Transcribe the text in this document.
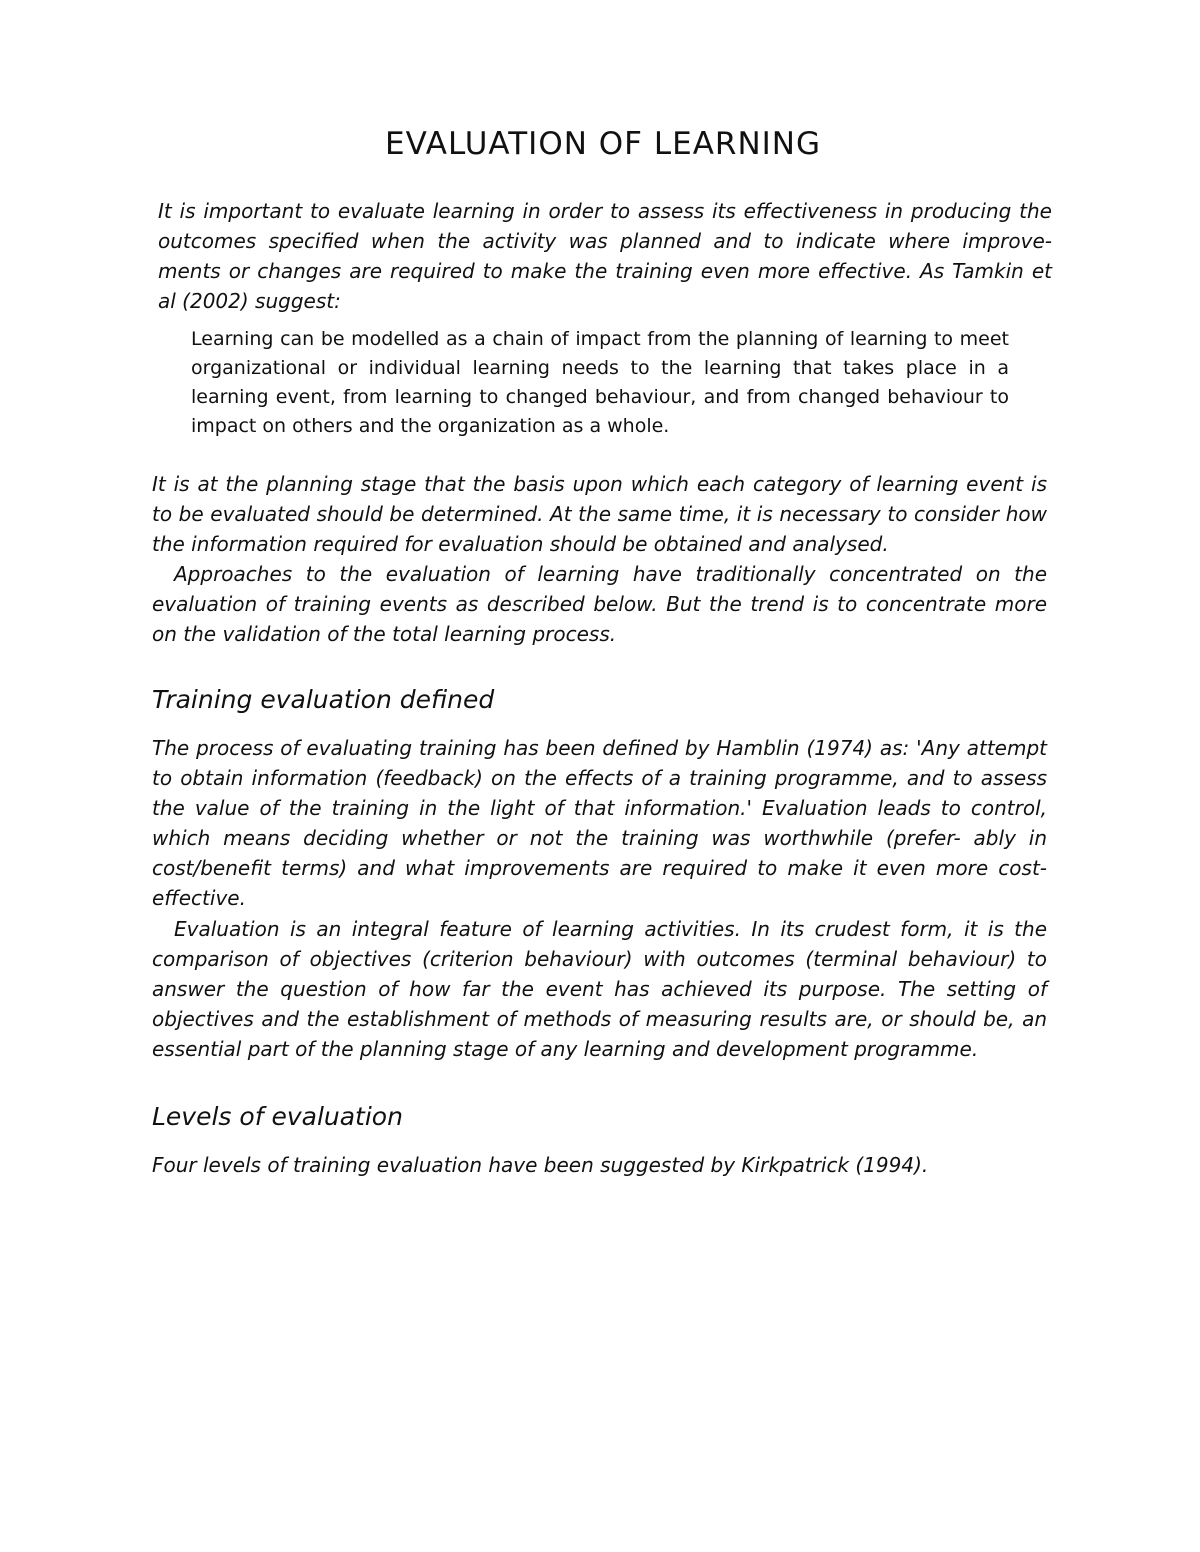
EVALUATION OF LEARNING

It is important to evaluate learning in order to assess its effectiveness in producing the outcomes specified when the activity was planned and to indicate where improve- ments or changes are required to make the training even more effective. As Tamkin et al (2002) suggest:

Learning can be modelled as a chain of impact from the planning of learning to meet organizational or individual learning needs to the learning that takes place in a learning event, from learning to changed behaviour, and from changed behaviour to impact on others and the organization as a whole.

It is at the planning stage that the basis upon which each category of learning event is to be evaluated should be determined. At the same time, it is necessary to consider how the information required for evaluation should be obtained and analysed.

Approaches to the evaluation of learning have traditionally concentrated on the evaluation of training events as described below. But the trend is to concentrate more on the validation of the total learning process.

Training evaluation defined

The process of evaluating training has been defined by Hamblin (1974) as: 'Any attempt to obtain information (feedback) on the effects of a training programme, and to assess the value of the training in the light of that information.' Evaluation leads to control, which means deciding whether or not the training was worthwhile (prefer- ably in cost/benefit terms) and what improvements are required to make it even more cost-effective.

Evaluation is an integral feature of learning activities. In its crudest form, it is the comparison of objectives (criterion behaviour) with outcomes (terminal behaviour) to answer the question of how far the event has achieved its purpose. The setting of objectives and the establishment of methods of measuring results are, or should be, an essential part of the planning stage of any learning and development programme.

Levels of evaluation

Four levels of training evaluation have been suggested by Kirkpatrick (1994).
